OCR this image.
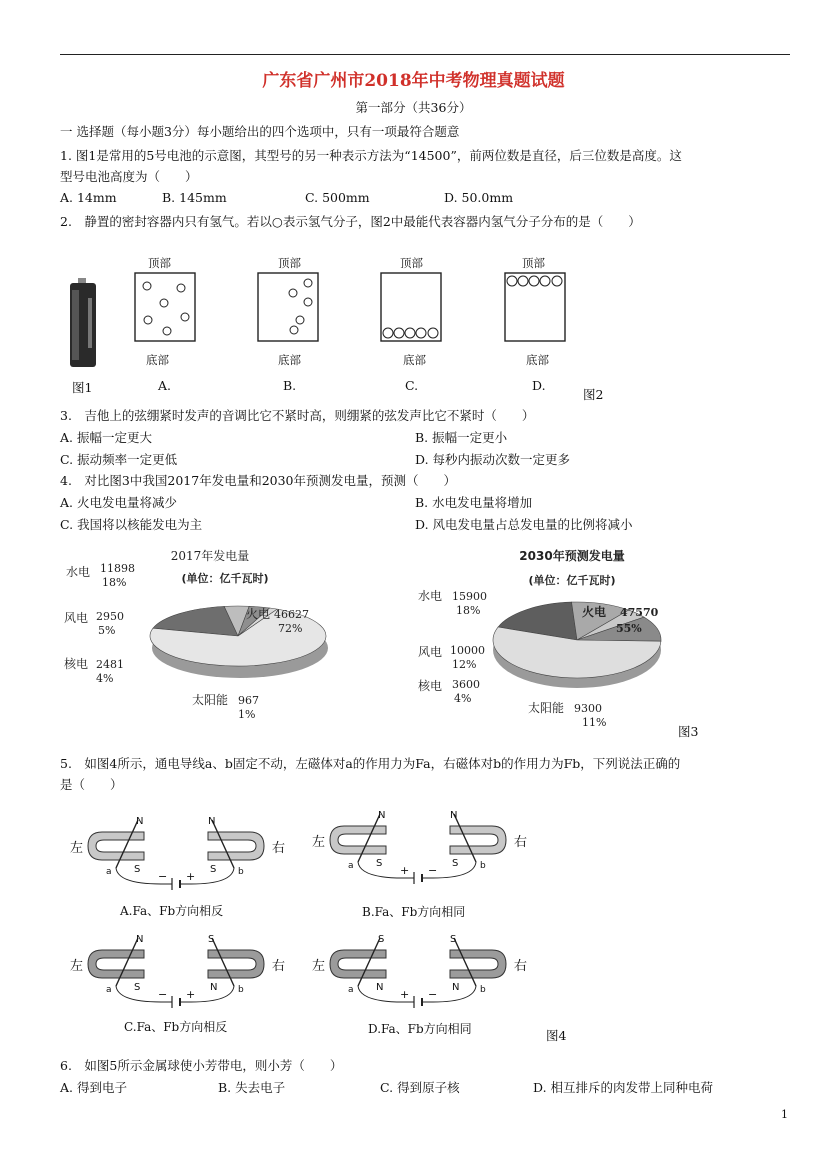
广东省广州市2018年中考物理真题试题
第一部分（共36分）
一 选择题（每小题3分）每小题给出的四个选项中，只有一项最符合题意
1. 图1是常用的5号电池的示意图，其型号的另一种表示方法为“14500”，前两位数是直径，后三位数是高度。这
型号电池高度为（　　）
A. 14mm	B. 145mm	C. 500mm	D. 50.0mm
2.　静置的密封容器内只有氢气。若以○表示氢气分子，图2中最能代表容器内氢气分子分布的是（　　）
图1
顶部
底部
A.
顶部
底部
B.
顶部
底部
C.
顶部
底部
D.
图2
3.　吉他上的弦绷紧时发声的音调比它不紧时高，则绷紧的弦发声比它不紧时（　　）
A. 振幅一定更大	B. 振幅一定更小
C. 振动频率一定更低	D. 每秒内振动次数一定更多
4.　对比图3中我国2017年发电量和2030年预测发电量，预测（　　）
A. 火电发电量将减少	B. 水电发电量将增加
C. 我国将以核能发电为主	D. 风电发电量占总发电量的比例将减小
2017年发电量
(单位：亿千瓦时)
水电 11898
18%
风电 2950
5%
核电 2481
4%
太阳能 967
1%
火电 46627
72%
2030年预测发电量
(单位：亿千瓦时)
水电 15900
18%
风电 10000
12%
核电 3600
4%
太阳能 9300
11%
火电 47570
55%
图3
5.　如图4所示，通电导线a、b固定不动，左磁体对a的作用力为Fa，右磁体对b的作用力为Fb，下列说法正确的
是（　　）
N	N
S	S
− +
a	b
左	右
N	N
S	S
+ −
a	b
左	右
N	S
S	N
− +
a	b
左	右
S	S
N	N
+ −
a	b
左	右
A.Fa、Fb方向相反	B.Fa、Fb方向相同
C.Fa、Fb方向相反	D.Fa、Fb方向相同	图4
6.　如图5所示金属球使小芳带电，则小芳（　　）
A. 得到电子	B. 失去电子	C. 得到原子核	D. 相互排斥的肉发带上同种电荷
1
